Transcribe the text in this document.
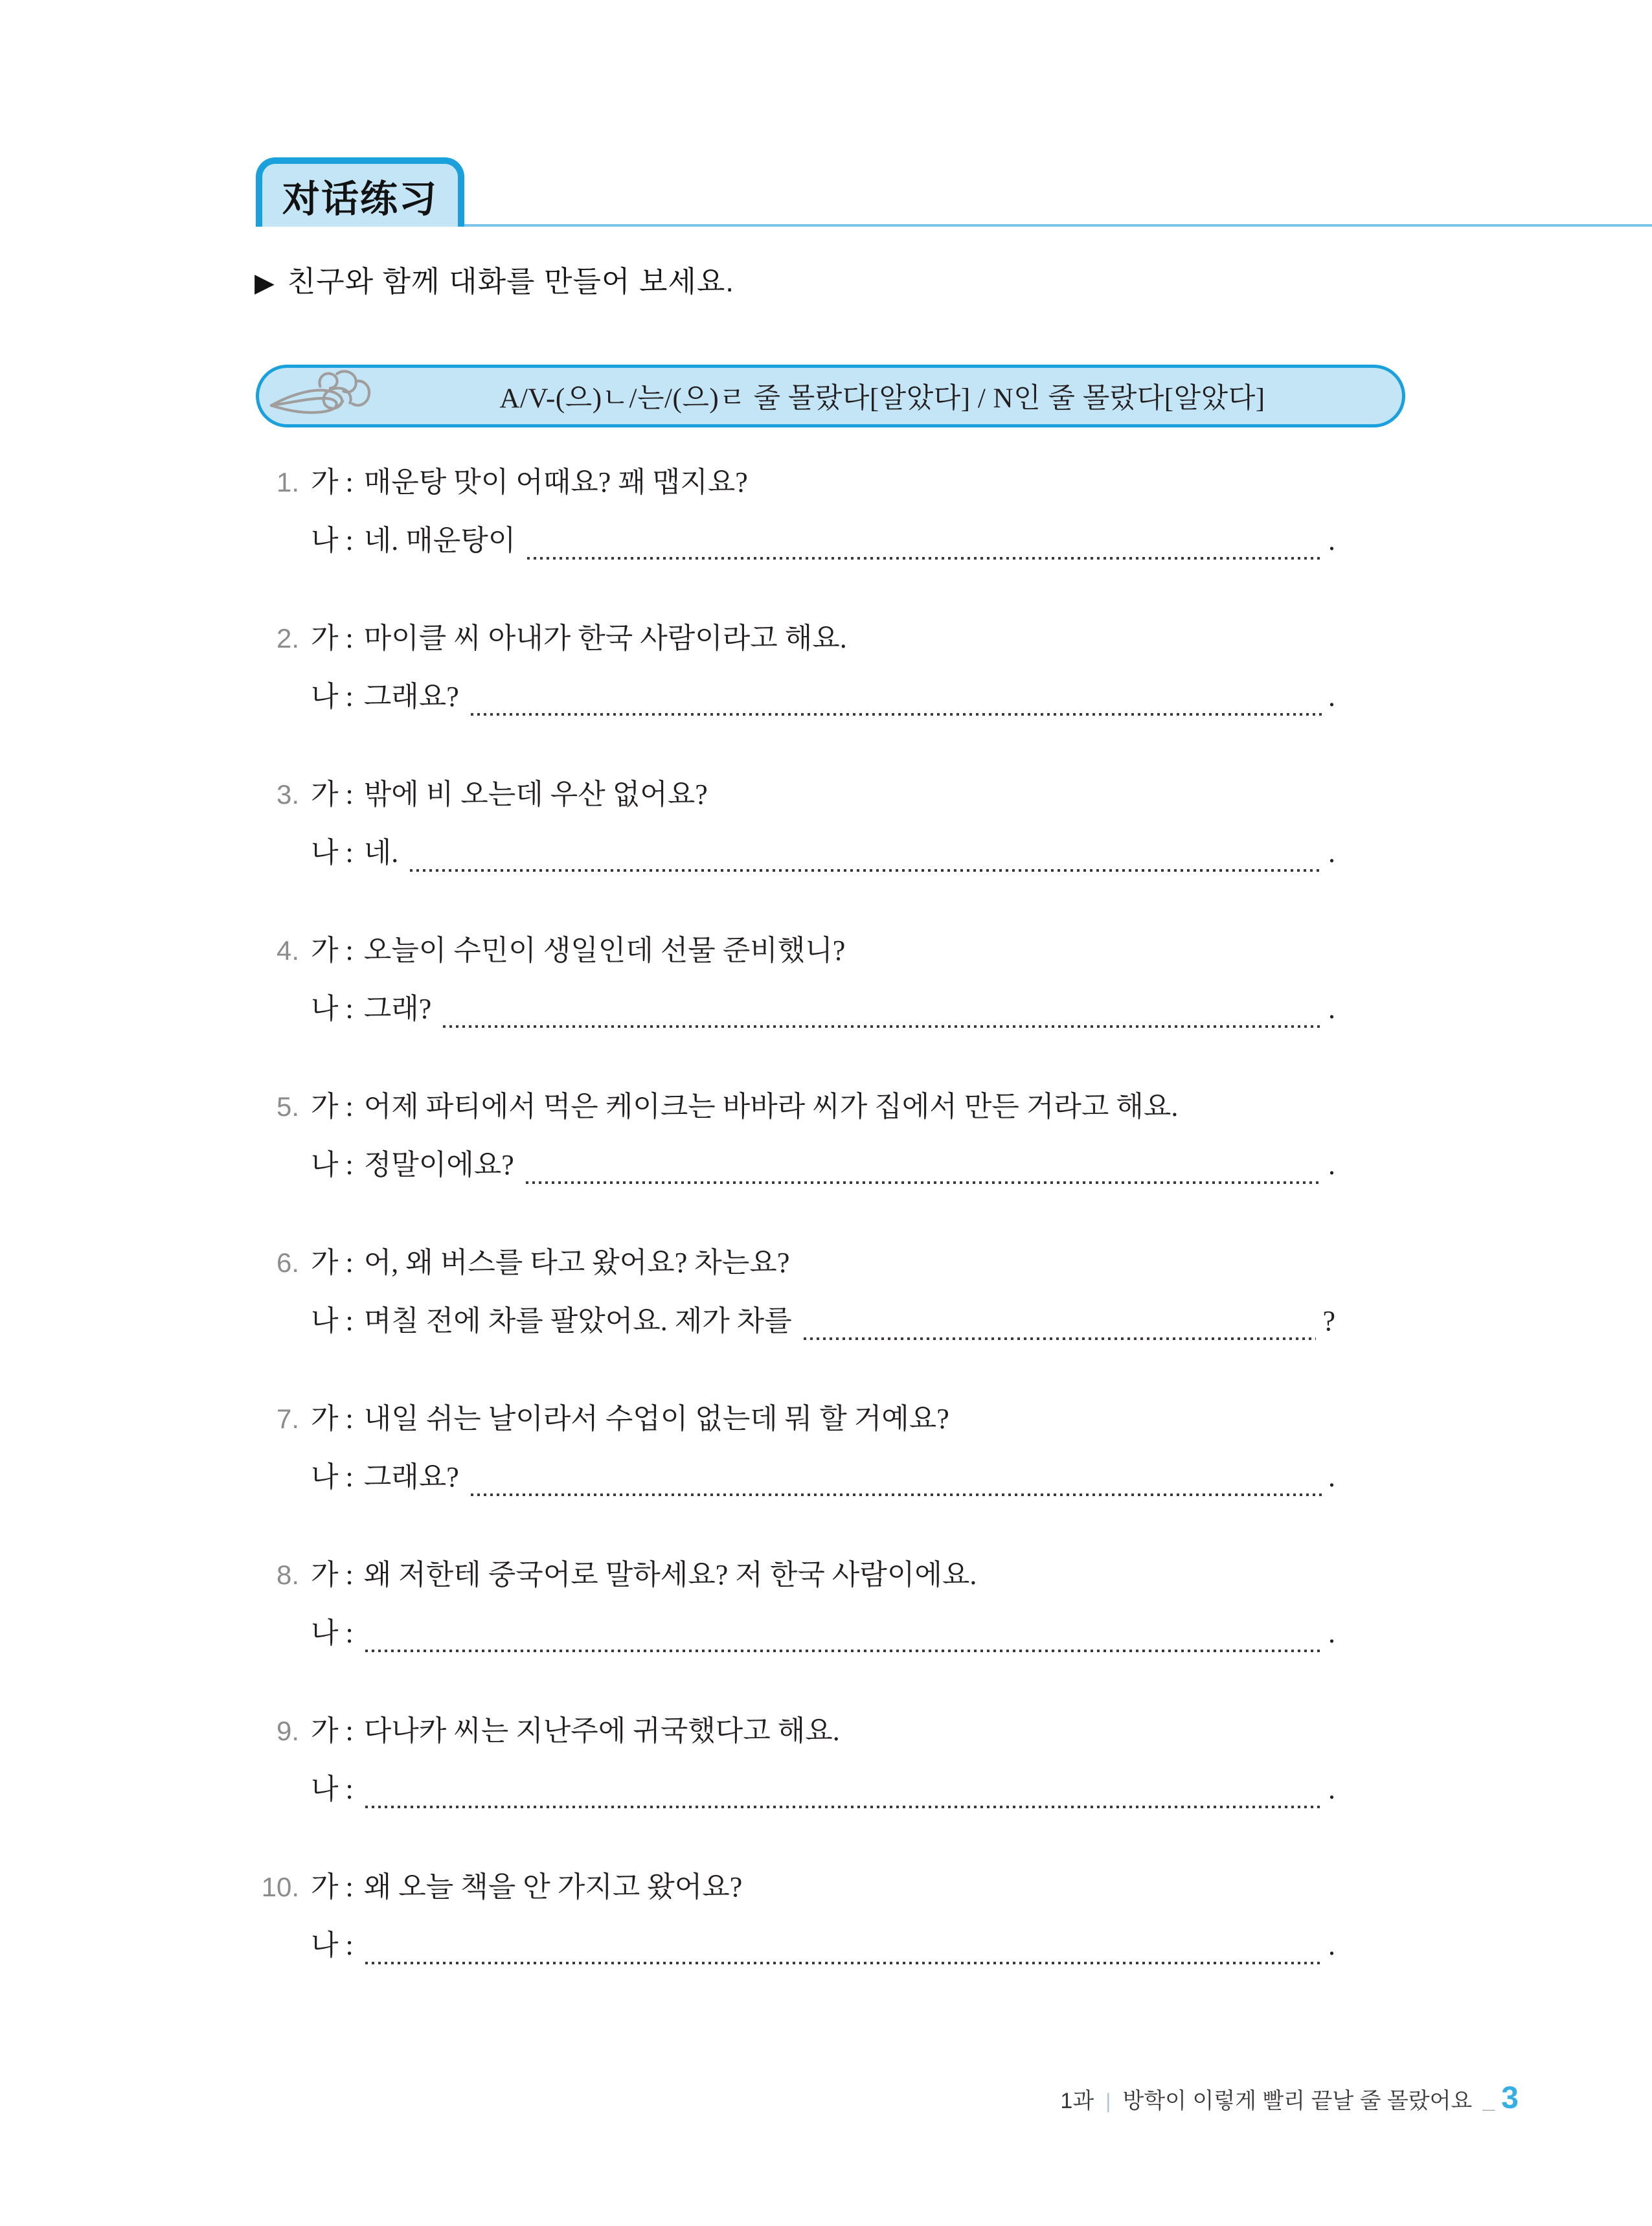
对话练习
▶ 친구와 함께 대화를 만들어 보세요.
A/V-(으)ㄴ/는/(으)ㄹ 줄 몰랐다[알았다] / N인 줄 몰랐다[알았다]
1. 가 : 매운탕 맛이 어때요? 꽤 맵지요?
나 : 네. 매운탕이	.
2. 가 : 마이클 씨 아내가 한국 사람이라고 해요.
나 : 그래요?	.
3. 가 : 밖에 비 오는데 우산 없어요?
나 : 네.	.
4. 가 : 오늘이 수민이 생일인데 선물 준비했니?
나 : 그래?	.
5. 가 : 어제 파티에서 먹은 케이크는 바바라 씨가 집에서 만든 거라고 해요.
나 : 정말이에요?	.
6. 가 : 어, 왜 버스를 타고 왔어요? 차는요?
나 : 며칠 전에 차를 팔았어요. 제가 차를	?
7. 가 : 내일 쉬는 날이라서 수업이 없는데 뭐 할 거예요?
나 : 그래요?	.
8. 가 : 왜 저한테 중국어로 말하세요? 저 한국 사람이에요.
나 :	.
9. 가 : 다나카 씨는 지난주에 귀국했다고 해요.
나 :	.
10. 가 : 왜 오늘 책을 안 가지고 왔어요?
나 :	.
1과 | 방학이 이렇게 빨리 끝날 줄 몰랐어요 _ 3
